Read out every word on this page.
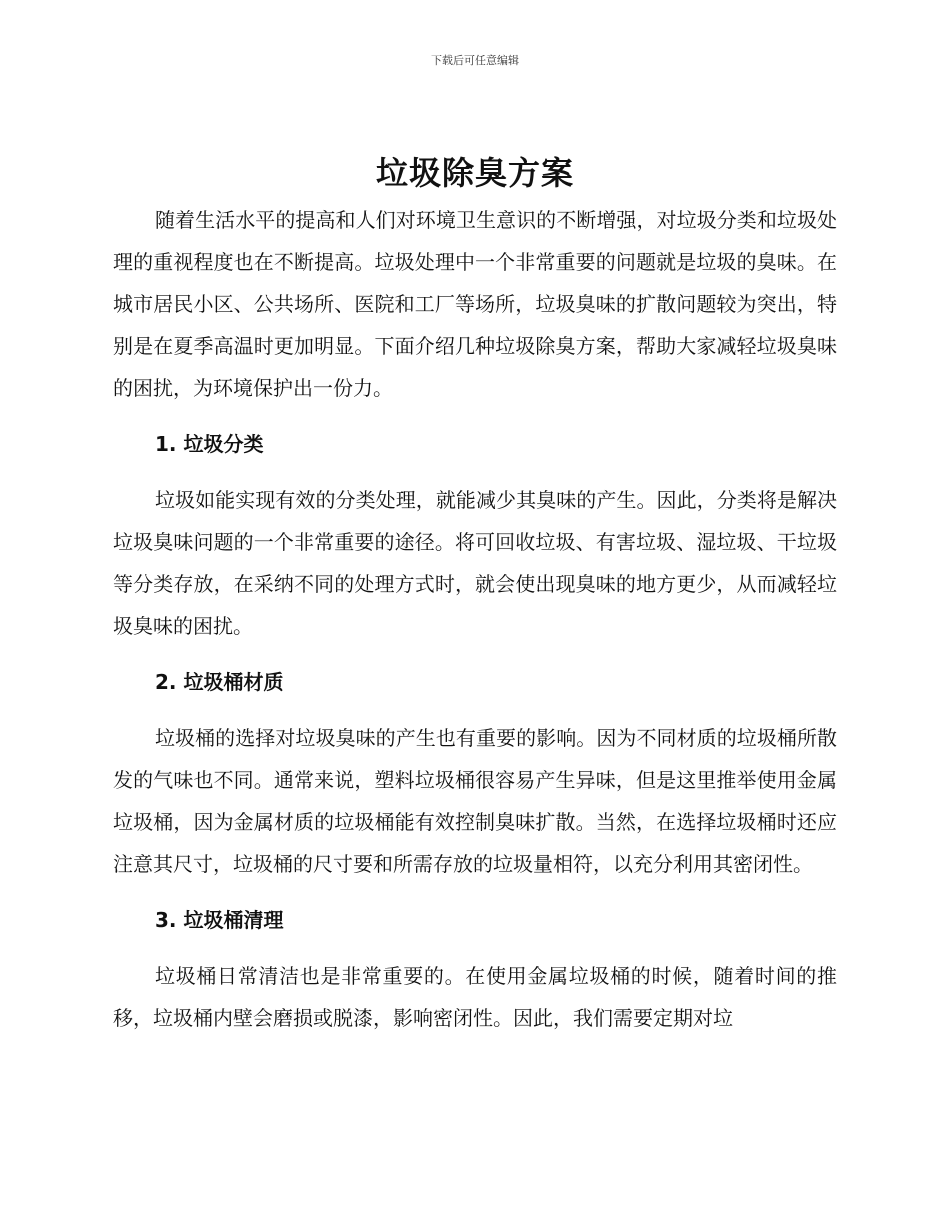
下载后可任意编辑
垃圾除臭方案

随着生活水平的提高和人们对环境卫生意识的不断增强，对垃圾分类和垃圾处理的重视程度也在不断提高。垃圾处理中一个非常重要的问题就是垃圾的臭味。在城市居民小区、公共场所、医院和工厂等场所，垃圾臭味的扩散问题较为突出，特别是在夏季高温时更加明显。下面介绍几种垃圾除臭方案，帮助大家减轻垃圾臭味的困扰，为环境保护出一份力。

1. 垃圾分类

垃圾如能实现有效的分类处理，就能减少其臭味的产生。因此，分类将是解决垃圾臭味问题的一个非常重要的途径。将可回收垃圾、有害垃圾、湿垃圾、干垃圾等分类存放，在采纳不同的处理方式时，就会使出现臭味的地方更少，从而减轻垃圾臭味的困扰。

2. 垃圾桶材质

垃圾桶的选择对垃圾臭味的产生也有重要的影响。因为不同材质的垃圾桶所散发的气味也不同。通常来说，塑料垃圾桶很容易产生异味，但是这里推举使用金属垃圾桶，因为金属材质的垃圾桶能有效控制臭味扩散。当然，在选择垃圾桶时还应注意其尺寸，垃圾桶的尺寸要和所需存放的垃圾量相符，以充分利用其密闭性。

3. 垃圾桶清理

垃圾桶日常清洁也是非常重要的。在使用金属垃圾桶的时候，随着时间的推移，垃圾桶内壁会磨损或脱漆，影响密闭性。因此，我们需要定期对垃
